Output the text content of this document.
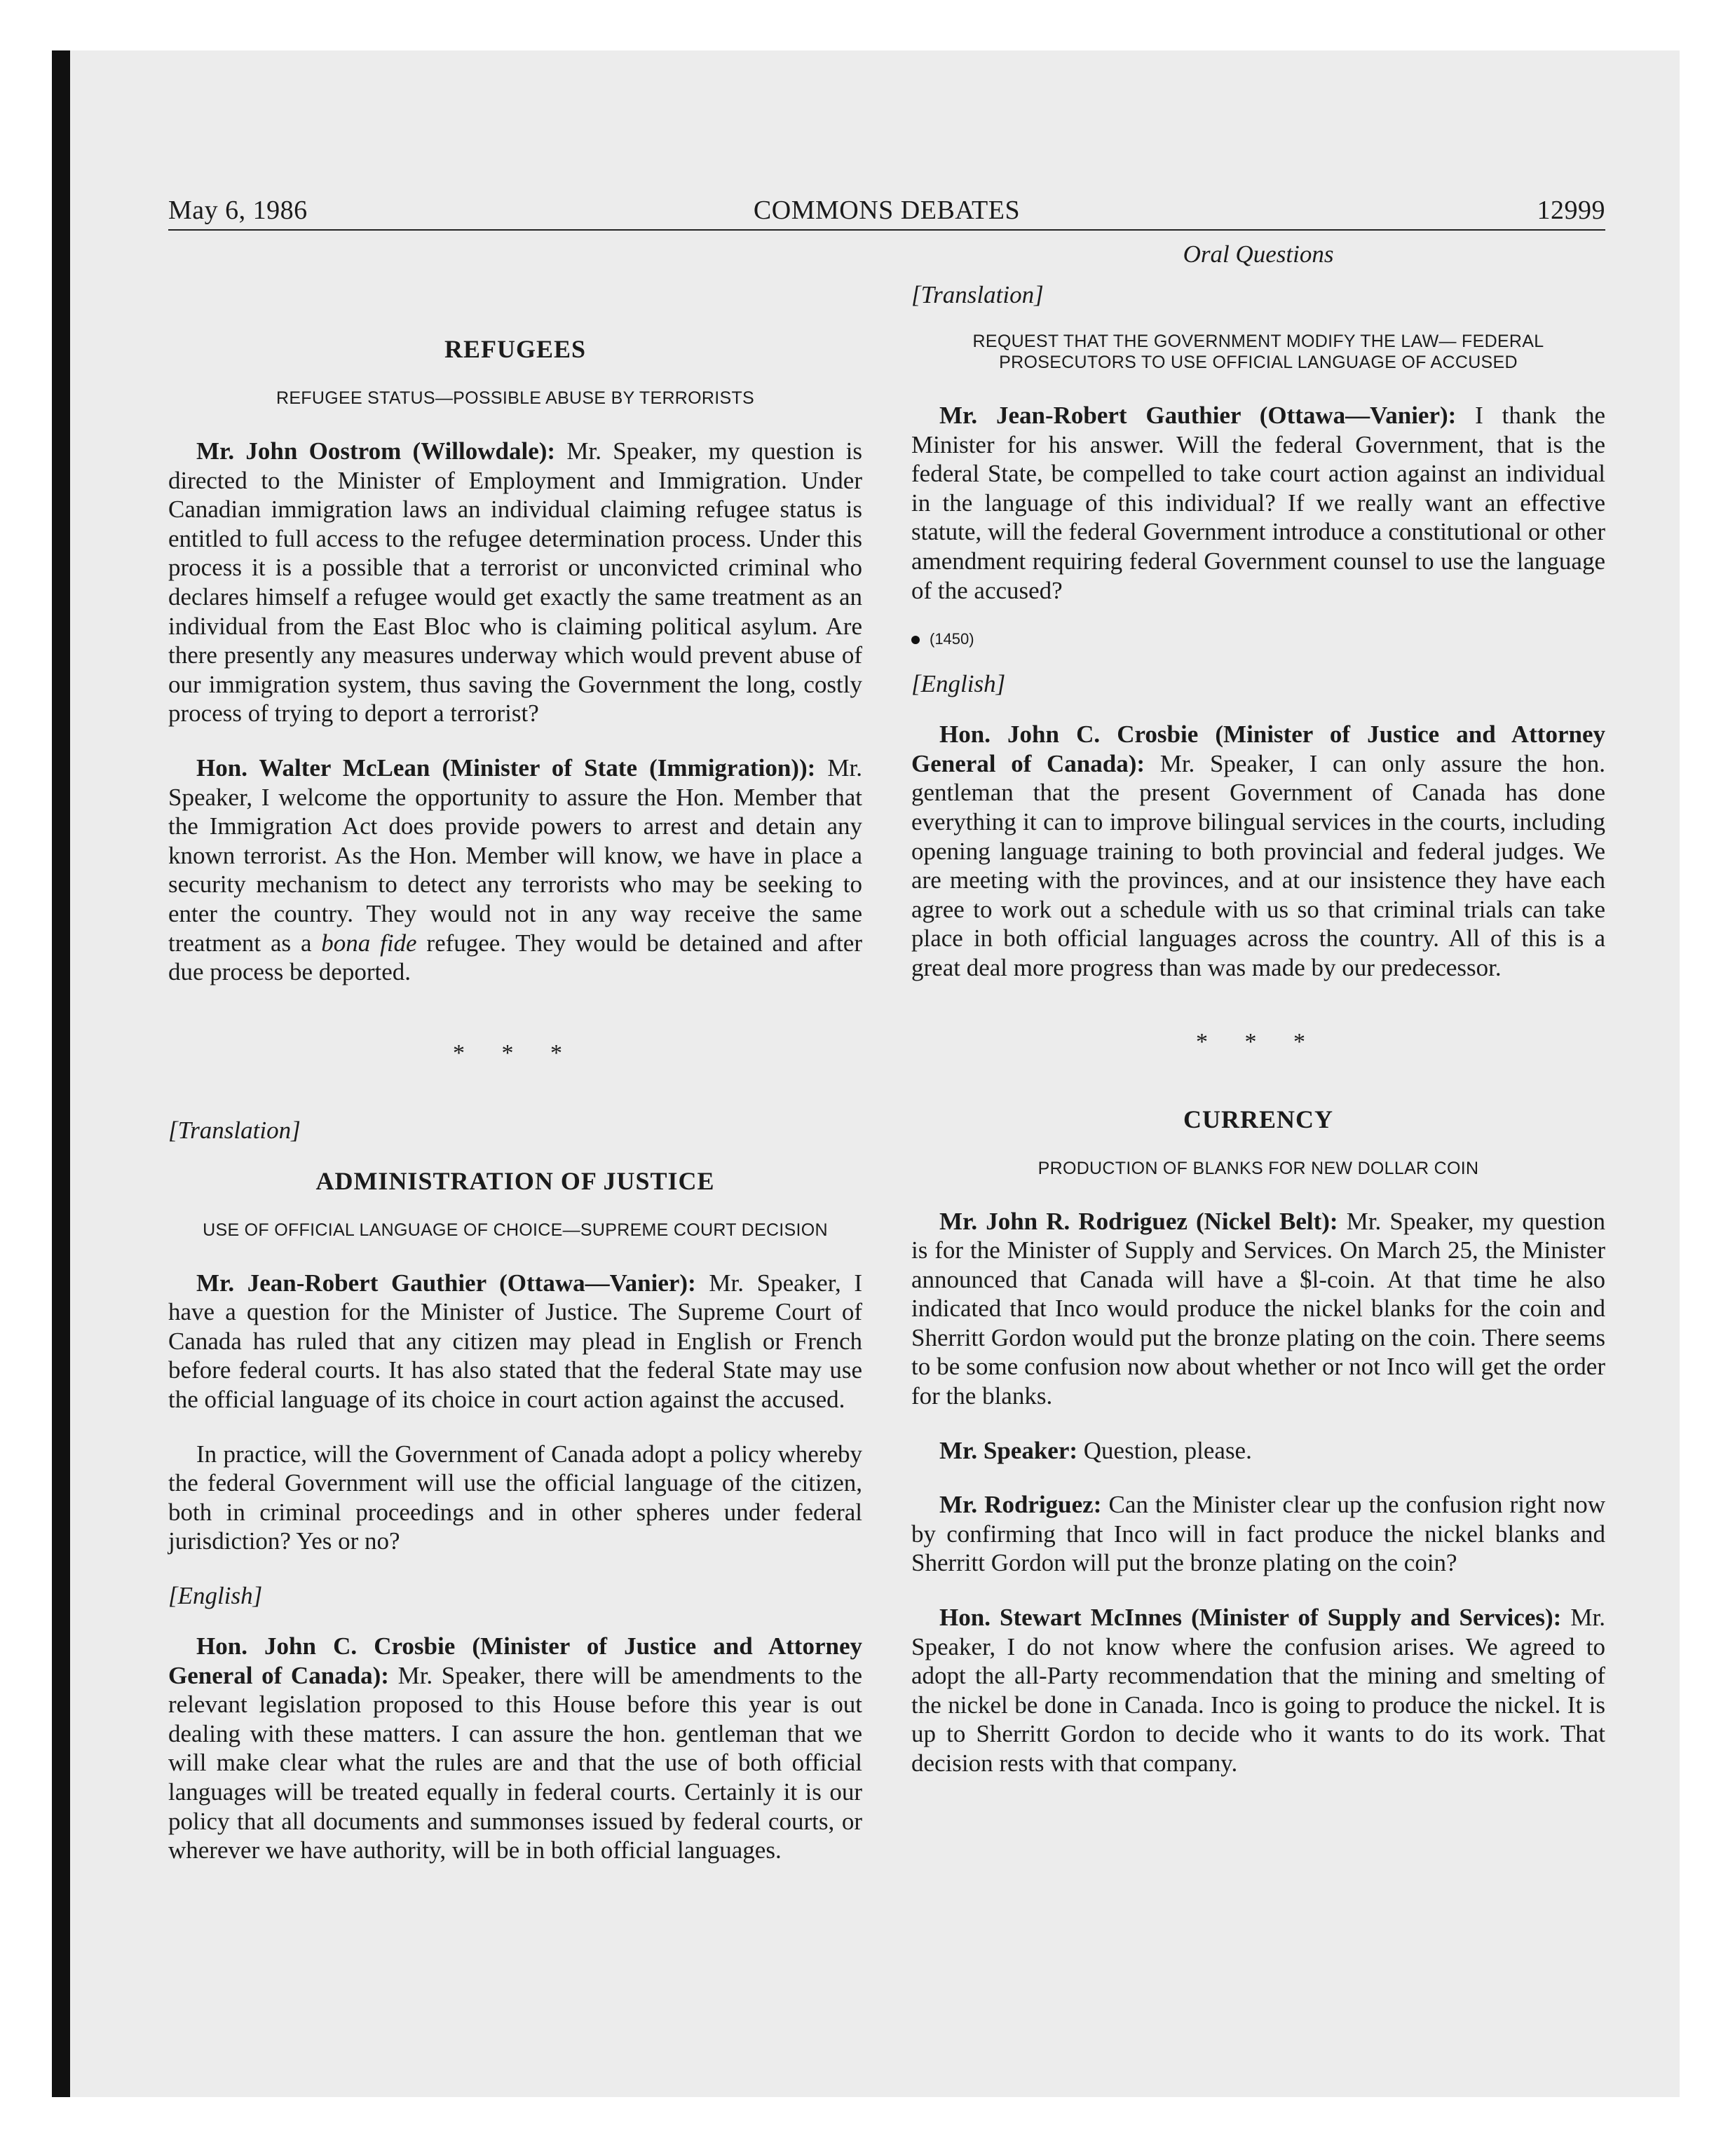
May 6, 1986	COMMONS DEBATES	12999
REFUGEES
REFUGEE STATUS—POSSIBLE ABUSE BY TERRORISTS

Mr. John Oostrom (Willowdale): Mr. Speaker, my question is directed to the Minister of Employment and Immigration. Under Canadian immigration laws an individual claiming refugee status is entitled to full access to the refugee determination process. Under this process it is a possible that a terrorist or unconvicted criminal who declares himself a refugee would get exactly the same treatment as an individual from the East Bloc who is claiming political asylum. Are there presently any measures underway which would prevent abuse of our immigration system, thus saving the Government the long, costly process of trying to deport a terrorist?

Hon. Walter McLean (Minister of State (Immigration)): Mr. Speaker, I welcome the opportunity to assure the Hon. Member that the Immigration Act does provide powers to arrest and detain any known terrorist. As the Hon. Member will know, we have in place a security mechanism to detect any terrorists who may be seeking to enter the country. They would not in any way receive the same treatment as a bona fide refugee. They would be detained and after due process be deported.

* * *
[Translation]
ADMINISTRATION OF JUSTICE
USE OF OFFICIAL LANGUAGE OF CHOICE—SUPREME COURT DECISION

Mr. Jean-Robert Gauthier (Ottawa—Vanier): Mr. Speaker, I have a question for the Minister of Justice. The Supreme Court of Canada has ruled that any citizen may plead in English or French before federal courts. It has also stated that the federal State may use the official language of its choice in court action against the accused.

In practice, will the Government of Canada adopt a policy whereby the federal Government will use the official language of the citizen, both in criminal proceedings and in other spheres under federal jurisdiction? Yes or no?

[English]

Hon. John C. Crosbie (Minister of Justice and Attorney General of Canada): Mr. Speaker, there will be amendments to the relevant legislation proposed to this House before this year is out dealing with these matters. I can assure the hon. gentleman that we will make clear what the rules are and that the use of both official languages will be treated equally in federal courts. Certainly it is our policy that all documents and summonses issued by federal courts, or wherever we have authority, will be in both official languages.

Oral Questions
[Translation]
REQUEST THAT THE GOVERNMENT MODIFY THE LAW— FEDERAL PROSECUTORS TO USE OFFICIAL LANGUAGE OF ACCUSED

Mr. Jean-Robert Gauthier (Ottawa—Vanier): I thank the Minister for his answer. Will the federal Government, that is the federal State, be compelled to take court action against an individual in the language of this individual? If we really want an effective statute, will the federal Government introduce a constitutional or other amendment requiring federal Government counsel to use the language of the accused?

(1450)
[English]

Hon. John C. Crosbie (Minister of Justice and Attorney General of Canada): Mr. Speaker, I can only assure the hon. gentleman that the present Government of Canada has done everything it can to improve bilingual services in the courts, including opening language training to both provincial and federal judges. We are meeting with the provinces, and at our insistence they have each agree to work out a schedule with us so that criminal trials can take place in both official languages across the country. All of this is a great deal more progress than was made by our predecessor.

* * *
CURRENCY
PRODUCTION OF BLANKS FOR NEW DOLLAR COIN

Mr. John R. Rodriguez (Nickel Belt): Mr. Speaker, my question is for the Minister of Supply and Services. On March 25, the Minister announced that Canada will have a $l-coin. At that time he also indicated that Inco would produce the nickel blanks for the coin and Sherritt Gordon would put the bronze plating on the coin. There seems to be some confusion now about whether or not Inco will get the order for the blanks.

Mr. Speaker: Question, please.

Mr. Rodriguez: Can the Minister clear up the confusion right now by confirming that Inco will in fact produce the nickel blanks and Sherritt Gordon will put the bronze plating on the coin?

Hon. Stewart McInnes (Minister of Supply and Services): Mr. Speaker, I do not know where the confusion arises. We agreed to adopt the all-Party recommendation that the mining and smelting of the nickel be done in Canada. Inco is going to produce the nickel. It is up to Sherritt Gordon to decide who it wants to do its work. That decision rests with that company.
